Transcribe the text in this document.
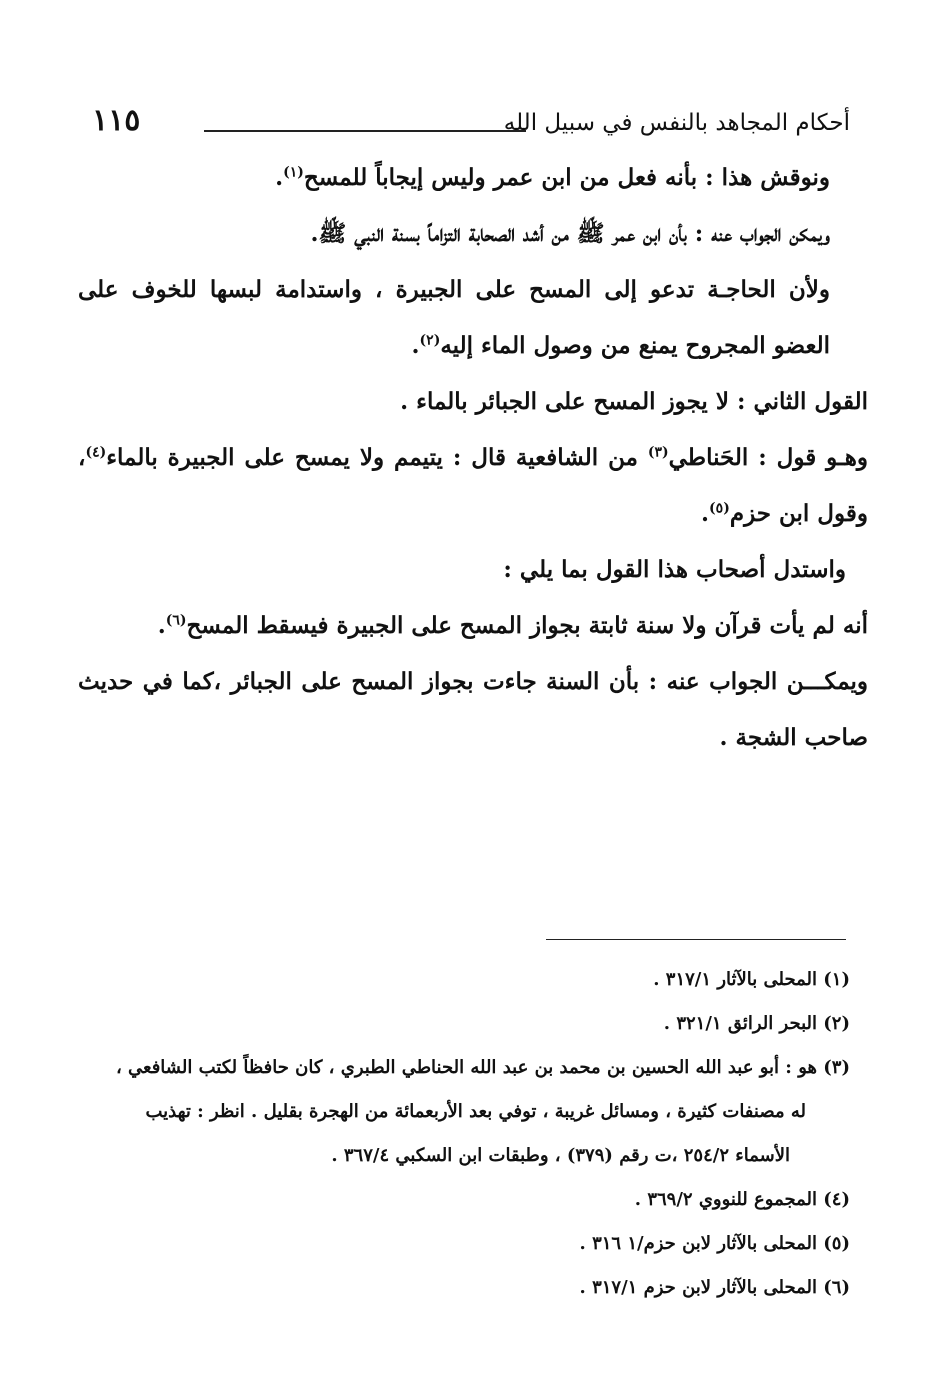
١١٥	أحكام المجاهد بالنفس في سبيل الله

ونوقش هذا : بأنه فعل من ابن عمر وليس إيجاباً للمسح$^{(١)}$.

ويمكن الجواب عنه : بأن ابن عمر ﷺ من أشد الصحابة التزاماً بسنة النبي ﷺ.

ولأن الحاجـة تدعو إلى المسح على الجبيرة ، واستدامة لبسها للخوف على العضو المجروح يمنع من وصول الماء إليه$^{(٢)}$.

القول الثاني : لا يجوز المسح على الجبائر بالماء .

وهـو قول : الحَناطي$^{(٣)}$ من الشافعية قال : يتيمم ولا يمسح على الجبيرة بالماء$^{(٤)}$، وقول ابن حزم$^{(٥)}$.

واستدل أصحاب هذا القول بما يلي :

أنه لم يأت قرآن ولا سنة ثابتة بجواز المسح على الجبيرة فيسقط المسح$^{(٦)}$.

ويمكـــن الجواب عنه : بأن السنة جاءت بجواز المسح على الجبائر ،كما في حديث صاحب الشجة .

(١) المحلى بالآثار ٣١٧/١ .

(٢) البحر الرائق ٣٢١/١ .

(٣) هو : أبو عبد الله الحسين بن محمد بن عبد الله الحناطي الطبري ، كان حافظاً لكتب الشافعي ،

له مصنفات كثيرة ، ومسائل غريبة ، توفي بعد الأربعمائة من الهجرة بقليل . انظر : تهذيب

الأسماء ٢٥٤/٢ ،ت رقم (٣٧٩) ، وطبقات ابن السكبي ٣٦٧/٤ .

(٤) المجموع للنووي ٣٦٩/٢ .

(٥) المحلى بالآثار لابن حزم/١ ٣١٦ .

(٦) المحلى بالآثار لابن حزم ٣١٧/١ .
